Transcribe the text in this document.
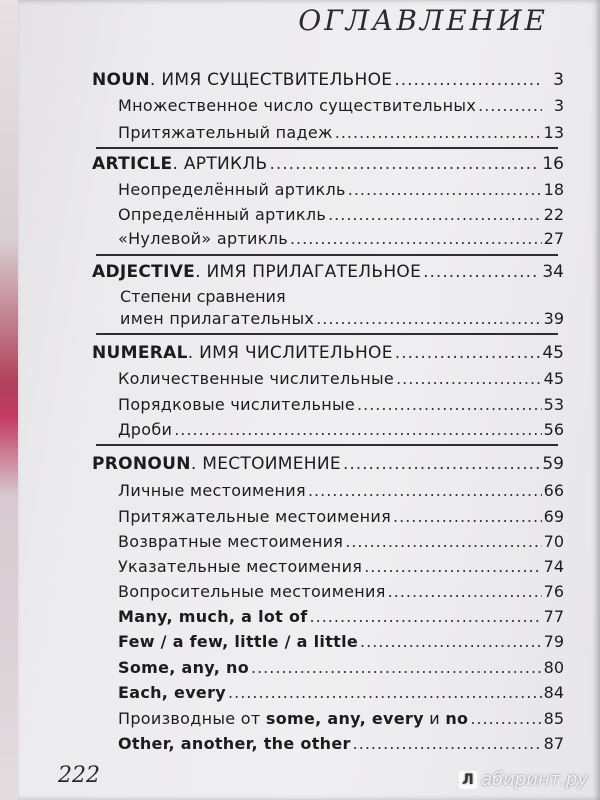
ОГЛАВЛЕНИЕ
NOUN. ИМЯ СУЩЕСТВИТЕЛЬНОЕ .....	3
Множественное число существительных .....	3
Притяжательный падеж .....	13
ARTICLE. АРТИКЛЬ .....	16
Неопределённый артикль .....	18
Определённый артикль .....	22
«Нулевой» артикль .....	27
ADJECTIVE. ИМЯ ПРИЛАГАТЕЛЬНОЕ .....	34
Степени сравнения
имен прилагательных .....	39
NUMERAL. ИМЯ ЧИСЛИТЕЛЬНОЕ .....	45
Количественные числительные .....	45
Порядковые числительные .....	53
Дроби .....	56
PRONOUN. МЕСТОИМЕНИЕ .....	59
Личные местоимения .....	66
Притяжательные местоимения .....	69
Возвратные местоимения .....	70
Указательные местоимения .....	74
Вопросительные местоимения .....	76
Many, much, a lot of .....	77
Few / a few, little / a little .....	79
Some, any, no .....	80
Each, every .....	84
Производные от some, any, every и no .....	85
Other, another, the other .....	87
222	Л абиринт.ру
